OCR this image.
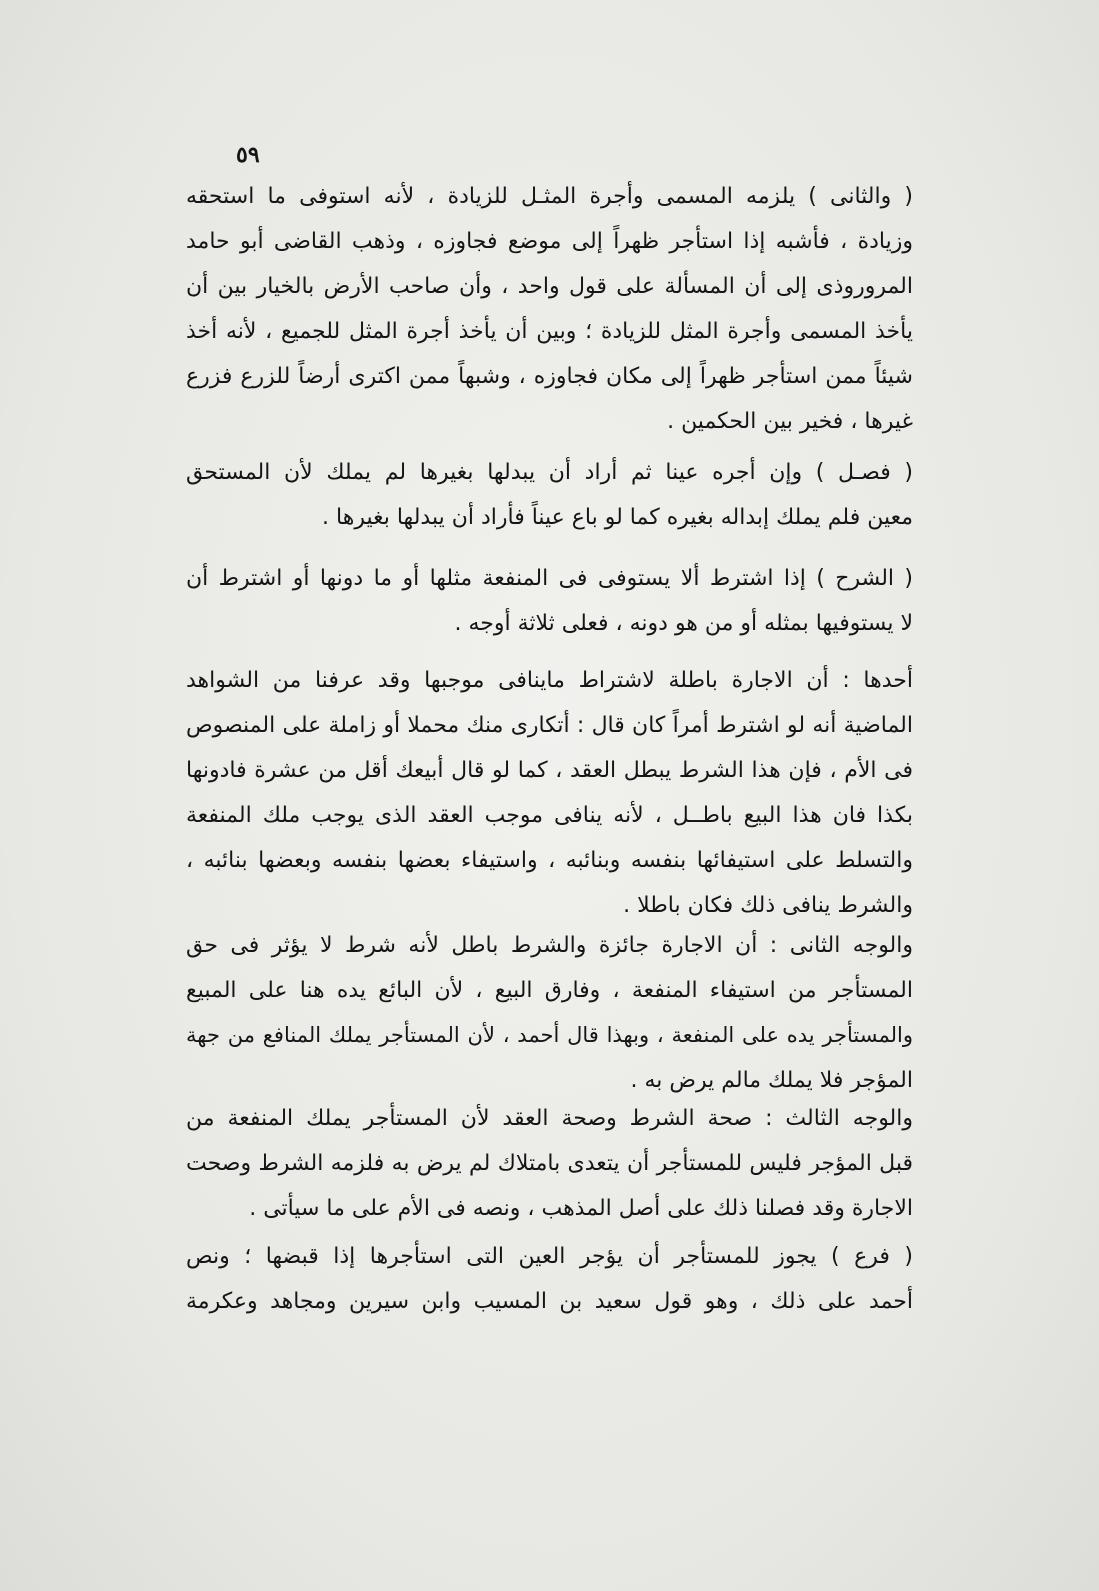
٥٩
( والثانى ) يلزمه المسمى وأجرة المثـل للزيادة ، لأنه استوفى ما استحقه
وزيادة ، فأشبه إذا استأجر ظهراً إلى موضع فجاوزه ، وذهب القاضى أبو حامد
المروروذى إلى أن المسألة على قول واحد ، وأن صاحب الأرض بالخيار بين أن
يأخذ المسمى وأجرة المثل للزيادة ؛ وبين أن يأخذ أجرة المثل للجميع ، لأنه أخذ
شيئاً ممن استأجر ظهراً إلى مكان فجاوزه ، وشبهاً ممن اكترى أرضاً للزرع فزرع
غيرها ، فخير بين الحكمين .
( فصـل ) وإن أجره عينا ثم أراد أن يبدلها بغيرها لم يملك لأن المستحق
معين فلم يملك إبداله بغيره كما لو باع عيناً فأراد أن يبدلها بغيرها .
( الشرح ) إذا اشترط ألا يستوفى فى المنفعة مثلها أو ما دونها أو اشترط أن
لا يستوفيها بمثله أو من هو دونه ، فعلى ثلاثة أوجه .
أحدها : أن الاجارة باطلة لاشتراط ماينافى موجبها وقد عرفنا من الشواهد
الماضية أنه لو اشترط أمراً كان قال : أتكارى منك محملا أو زاملة على المنصوص
فى الأم ، فإن هذا الشرط يبطل العقد ، كما لو قال أبيعك أقل من عشرة فادونها
بكذا فان هذا البيع باطــل ، لأنه ينافى موجب العقد الذى يوجب ملك المنفعة
والتسلط على استيفائها بنفسه وبنائبه ، واستيفاء بعضها بنفسه وبعضها بنائبه ،
والشرط ينافى ذلك فكان باطلا .
والوجه الثانى : أن الاجارة جائزة والشرط باطل لأنه شرط لا يؤثر فى حق
المستأجر من استيفاء المنفعة ، وفارق البيع ، لأن البائع يده هنا على المبيع
والمستأجر يده على المنفعة ، وبهذا قال أحمد ، لأن المستأجر يملك المنافع من جهة
المؤجر فلا يملك مالم يرض به .
والوجه الثالث : صحة الشرط وصحة العقد لأن المستأجر يملك المنفعة من
قبل المؤجر فليس للمستأجر أن يتعدى بامتلاك لم يرض به فلزمه الشرط وصحت
الاجارة وقد فصلنا ذلك على أصل المذهب ، ونصه فى الأم على ما سيأتى .
( فرع ) يجوز للمستأجر أن يؤجر العين التى استأجرها إذا قبضها ؛ ونص
أحمد على ذلك ، وهو قول سعيد بن المسيب وابن سيرين ومجاهد وعكرمة
